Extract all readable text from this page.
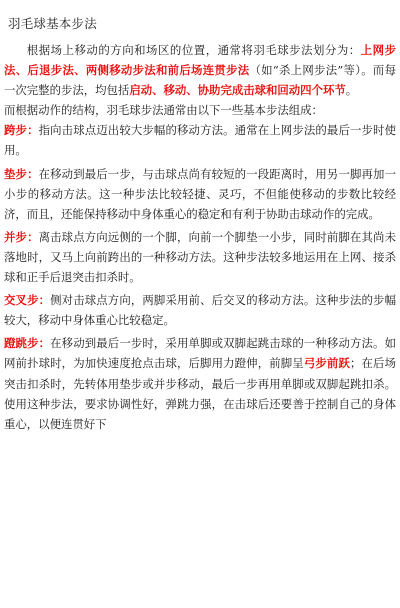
羽毛球基本步法

根据场上移动的方向和场区的位置，通常将羽毛球步法划分为：上网步法、后退步法、两侧移动步法和前后场连贯步法（如“杀上网步法”等）。而每一次完整的步法，均包括启动、移动、协助完成击球和回动四个环节。

而根据动作的结构，羽毛球步法通常由以下一些基本步法组成：

跨步：指向击球点迈出较大步幅的移动方法。通常在上网步法的最后一步时使用。

垫步：在移动到最后一步，与击球点尚有较短的一段距离时，用另一脚再加一小步的移动方法。这一种步法比较轻捷、灵巧，不但能使移动的步数比较经济，而且，还能保持移动中身体重心的稳定和有利于协助击球动作的完成。

并步：离击球点方向远侧的一个脚，向前一个脚垫一小步，同时前脚在其尚未落地时，又马上向前跨出的一种移动方法。这种步法较多地运用在上网、接杀球和正手后退突击扣杀时。

交叉步：侧对击球点方向，两脚采用前、后交叉的移动方法。这种步法的步幅较大，移动中身体重心比较稳定。

蹬跳步：在移动到最后一步时，采用单脚或双脚起跳击球的一种移动方法。如网前扑球时，为加快速度抢点击球，后脚用力蹬伸，前脚呈弓步前跃；在后场突击扣杀时，先转体用垫步或并步移动，最后一步再用单脚或双脚起跳扣杀。使用这种步法，要求协调性好，弹跳力强，在击球后还要善于控制自己的身体重心，以便连贯好下
